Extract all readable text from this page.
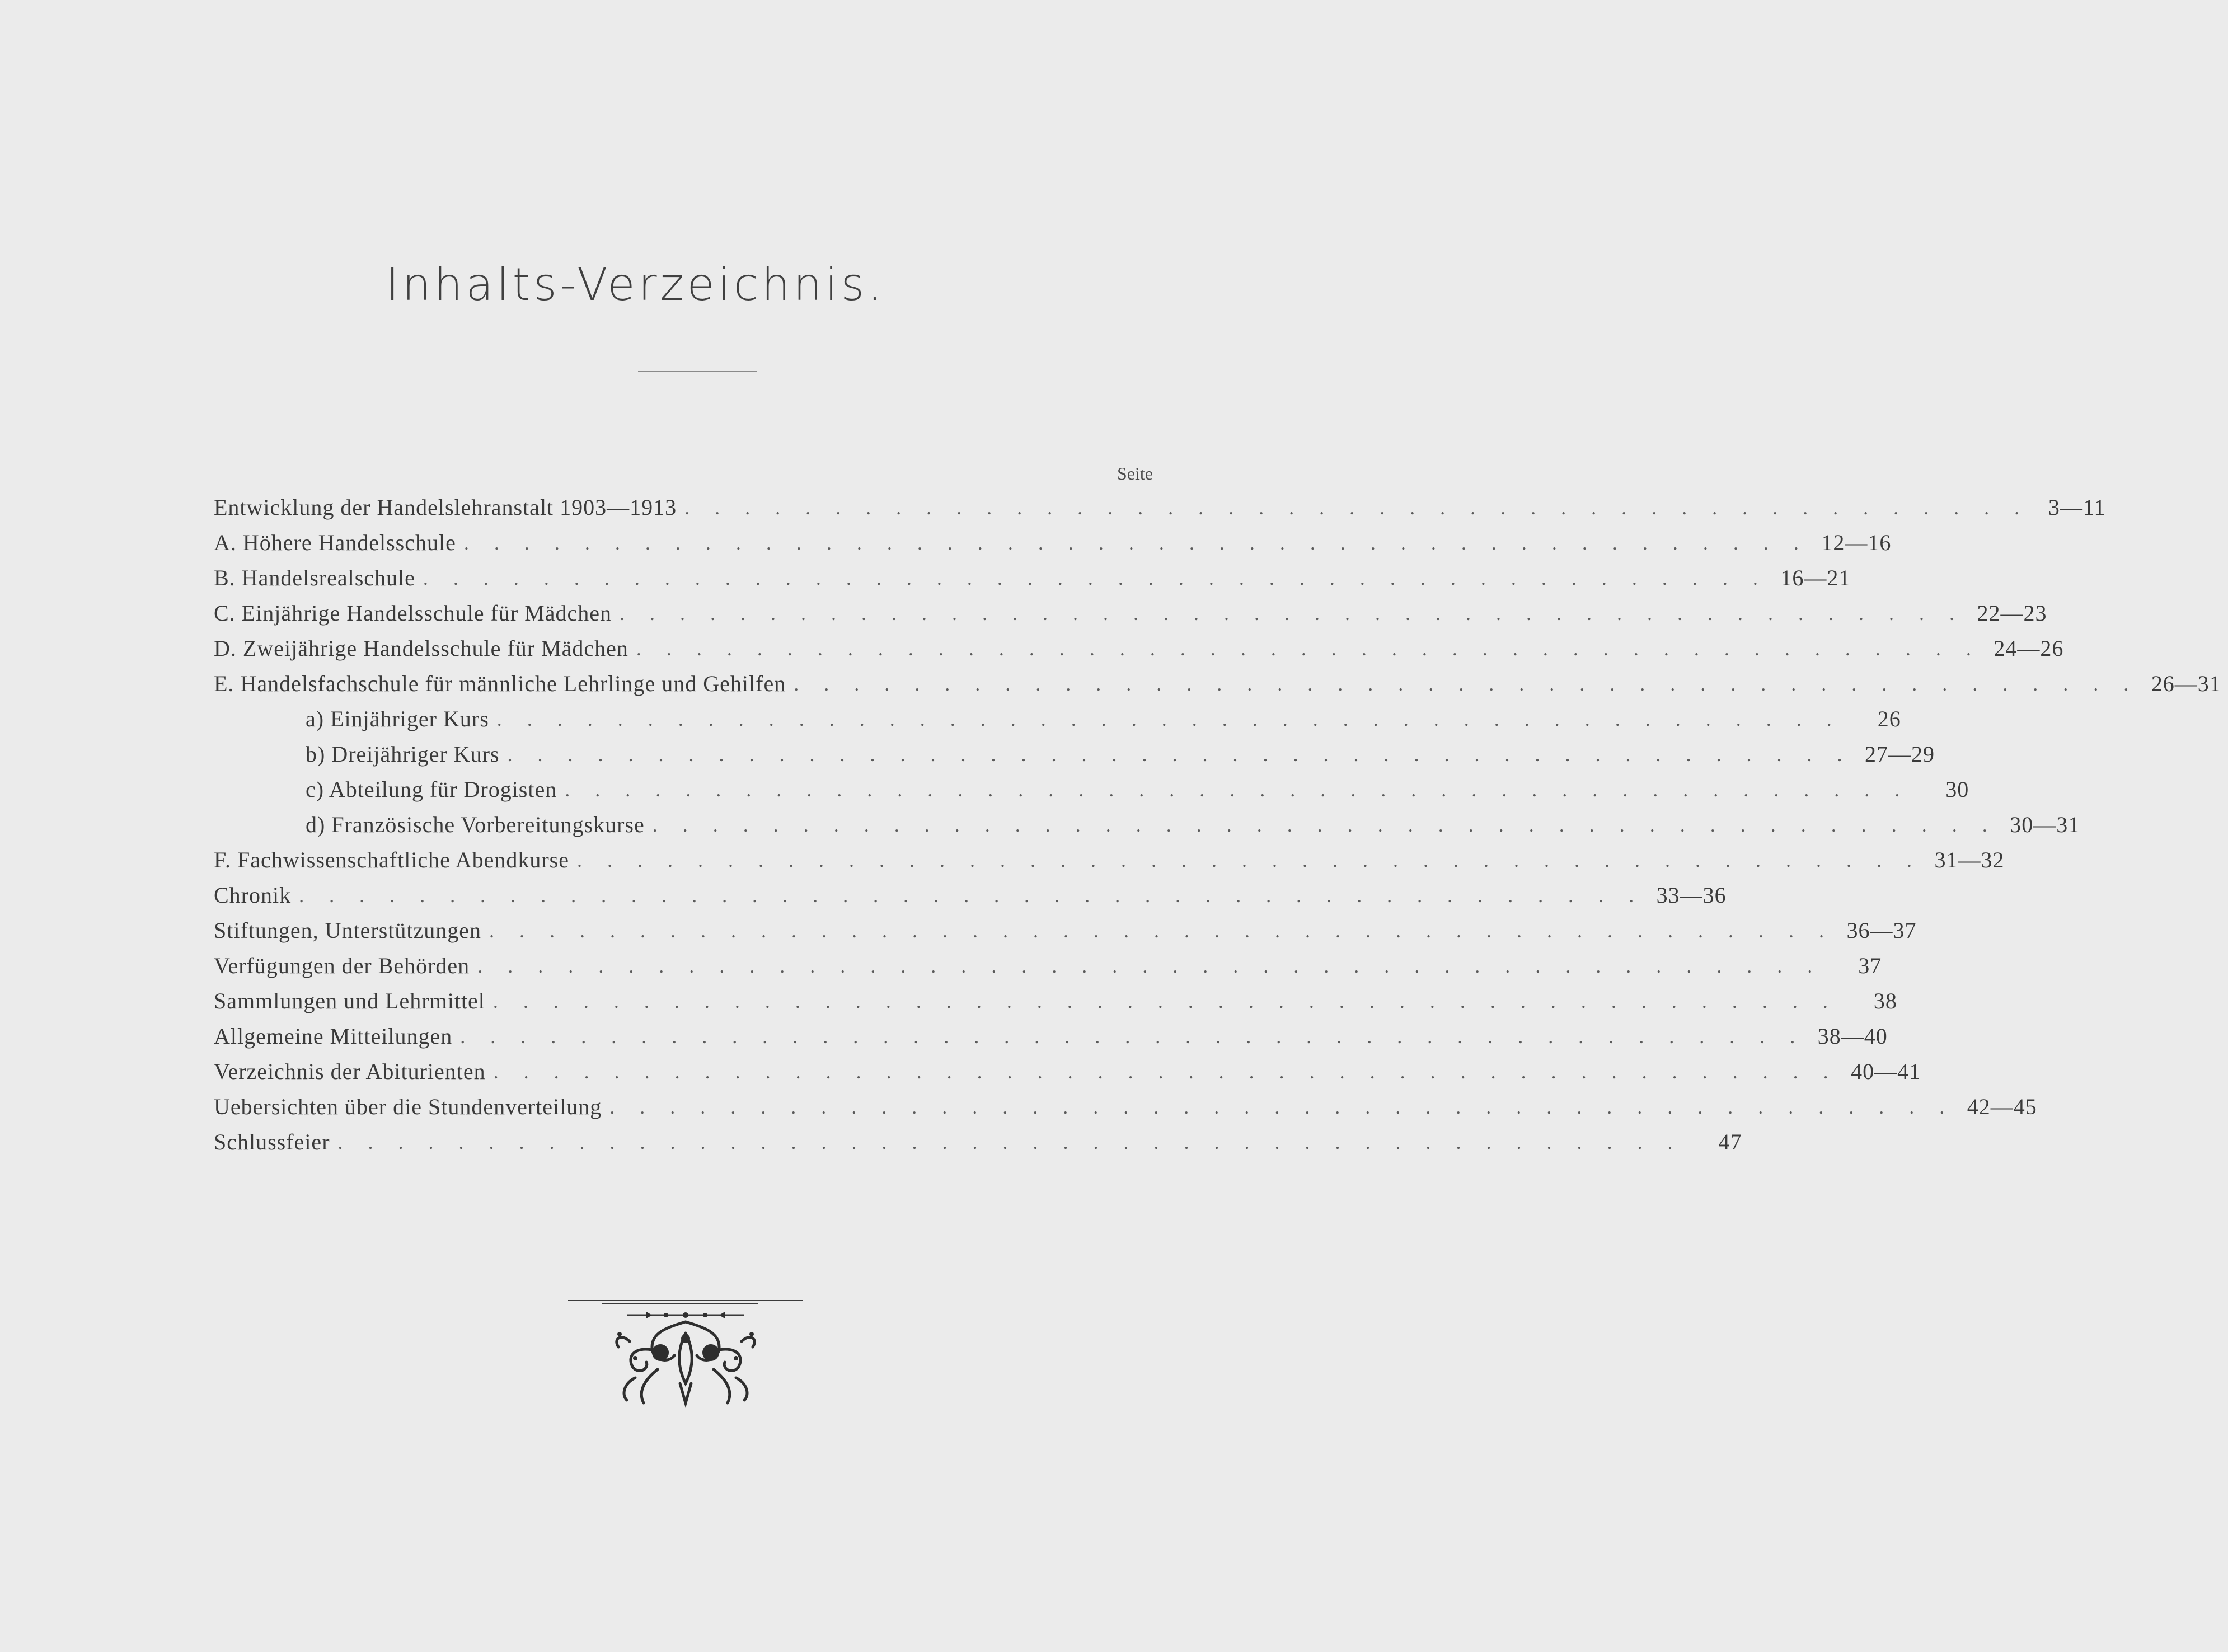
Inhalts-Verzeichnis.
Seite
Entwicklung der Handelslehranstalt 1903—1913 . . . . . . . . . . . . . . . . . . . . . . . . . . . . . . . . . . . . . . . . . . . . . 3—11
A. Höhere Handelsschule . . . . . . . . . . . . . . . . . . . . . . . . . . . . . . . . . . . . . . . . . . . . . 12—16
B. Handelsrealschule . . . . . . . . . . . . . . . . . . . . . . . . . . . . . . . . . . . . . . . . . . . . . 16—21
C. Einjährige Handelsschule für Mädchen . . . . . . . . . . . . . . . . . . . . . . . . . . . . . . . . . . . . . . . . . . . . . 22—23
D. Zweijährige Handelsschule für Mädchen . . . . . . . . . . . . . . . . . . . . . . . . . . . . . . . . . . . . . . . . . . . . . 24—26
E. Handelsfachschule für männliche Lehrlinge und Gehilfen . . . . . . . . . . . . . . . . . . . . . . . . . . . . . . . . . . . . . . . . . . . . . 26—31
a) Einjähriger Kurs . . . . . . . . . . . . . . . . . . . . . . . . . . . . . . . . . . . . . . . . . . . . .	26
b) Dreijähriger Kurs . . . . . . . . . . . . . . . . . . . . . . . . . . . . . . . . . . . . . . . . . . . . . 27—29
c) Abteilung für Drogisten . . . . . . . . . . . . . . . . . . . . . . . . . . . . . . . . . . . . . . . . . . . . .	30
d) Französische Vorbereitungskurse . . . . . . . . . . . . . . . . . . . . . . . . . . . . . . . . . . . . . . . . . . . . . 30—31
F. Fachwissenschaftliche Abendkurse . . . . . . . . . . . . . . . . . . . . . . . . . . . . . . . . . . . . . . . . . . . . . 31—32
Chronik . . . . . . . . . . . . . . . . . . . . . . . . . . . . . . . . . . . . . . . . . . . . . 33—36
Stiftungen, Unterstützungen . . . . . . . . . . . . . . . . . . . . . . . . . . . . . . . . . . . . . . . . . . . . . 36—37
Verfügungen der Behörden . . . . . . . . . . . . . . . . . . . . . . . . . . . . . . . . . . . . . . . . . . . . .	37
Sammlungen und Lehrmittel . . . . . . . . . . . . . . . . . . . . . . . . . . . . . . . . . . . . . . . . . . . . .	38
Allgemeine Mitteilungen . . . . . . . . . . . . . . . . . . . . . . . . . . . . . . . . . . . . . . . . . . . . . 38—40
Verzeichnis der Abiturienten . . . . . . . . . . . . . . . . . . . . . . . . . . . . . . . . . . . . . . . . . . . . . 40—41
Uebersichten über die Stundenverteilung . . . . . . . . . . . . . . . . . . . . . . . . . . . . . . . . . . . . . . . . . . . . . 42—45
Schlussfeier . . . . . . . . . . . . . . . . . . . . . . . . . . . . . . . . . . . . . . . . . . . . .	47
